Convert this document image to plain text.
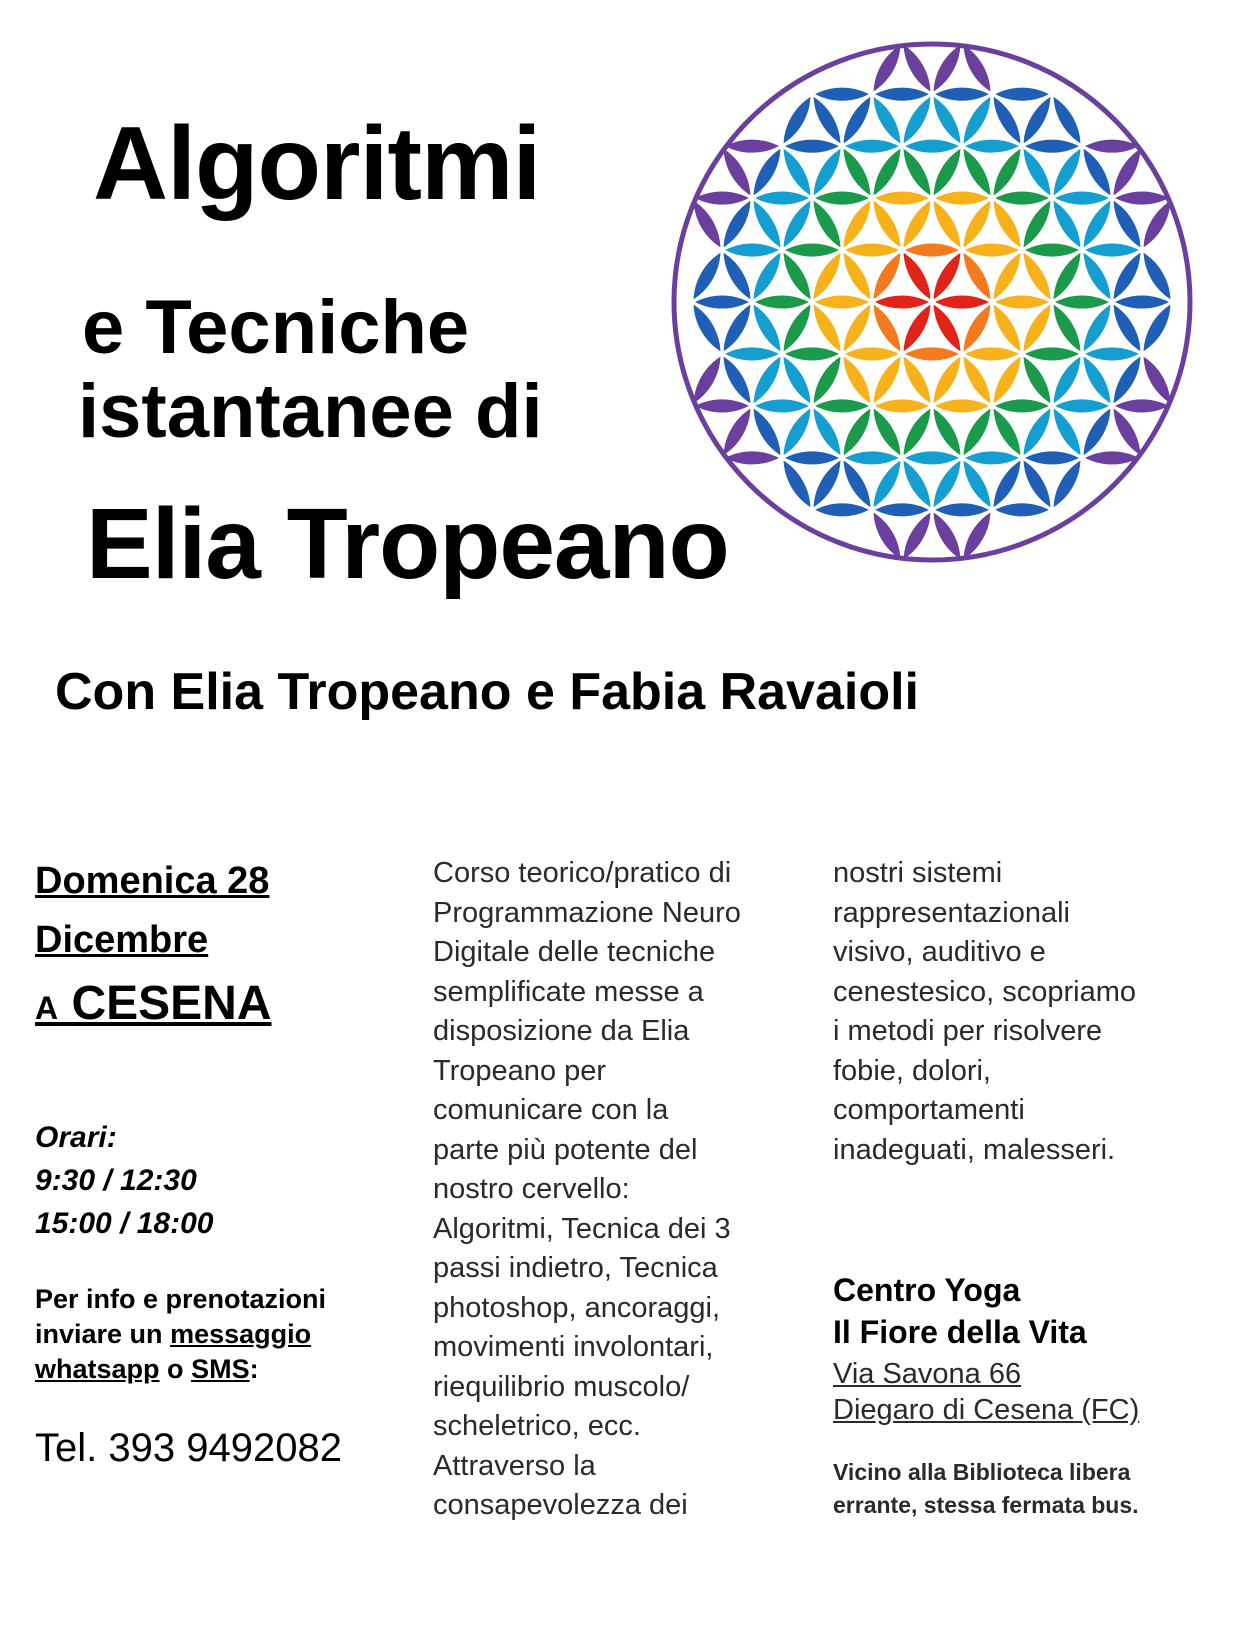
Algoritmi
e Tecniche
istantanee di
Elia Tropeano
Con Elia Tropeano e Fabia Ravaioli
Domenica 28
Dicembre
A CESENA
Orari:
9:30 / 12:30
15:00 / 18:00
Per info e prenotazioni
inviare un messaggio
whatsapp o SMS:
Tel. 393 9492082
Corso teorico/pratico di
Programmazione Neuro
Digitale delle tecniche
semplificate messe a
disposizione da Elia
Tropeano per
comunicare con la
parte più potente del
nostro cervello:
Algoritmi, Tecnica dei 3
passi indietro, Tecnica
photoshop, ancoraggi,
movimenti involontari,
riequilibrio muscolo/
scheletrico, ecc.
Attraverso la
consapevolezza dei
nostri sistemi
rappresentazionali
visivo, auditivo e
cenestesico, scopriamo
i metodi per risolvere
fobie, dolori,
comportamenti
inadeguati, malesseri.
Centro Yoga
Il Fiore della Vita
Via Savona 66
Diegaro di Cesena (FC)
Vicino alla Biblioteca libera
errante, stessa fermata bus.
